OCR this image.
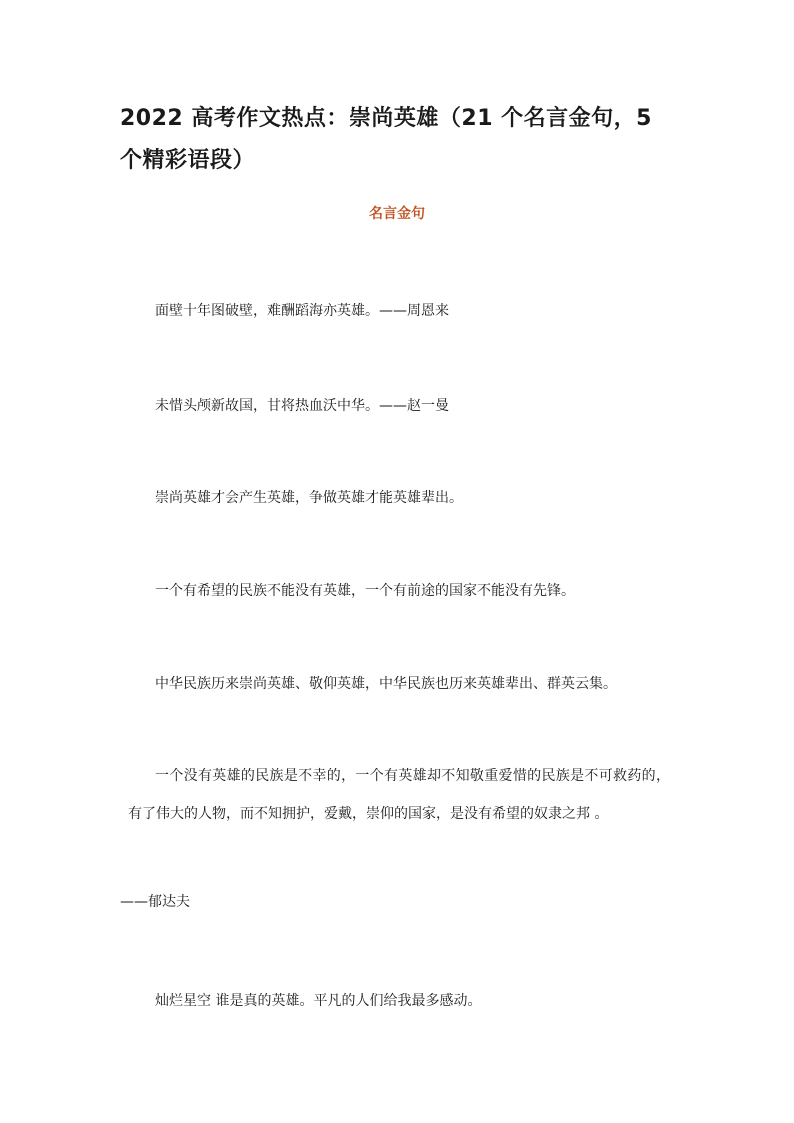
2022 高考作文热点：崇尚英雄（21 个名言金句，5 个精彩语段）
名言金句

面壁十年图破壁，难酬蹈海亦英雄。——周恩来

未惜头颅新故国，甘将热血沃中华。——赵一曼

崇尚英雄才会产生英雄，争做英雄才能英雄辈出。

一个有希望的民族不能没有英雄，一个有前途的国家不能没有先锋。

中华民族历来崇尚英雄、敬仰英雄，中华民族也历来英雄辈出、群英云集。

一个没有英雄的民族是不幸的，一个有英雄却不知敬重爱惜的民族是不可救药的，有了伟大的人物，而不知拥护，爱戴，崇仰的国家，是没有希望的奴隶之邦 。

——郁达夫

灿烂星空 谁是真的英雄。平凡的人们给我最多感动。
